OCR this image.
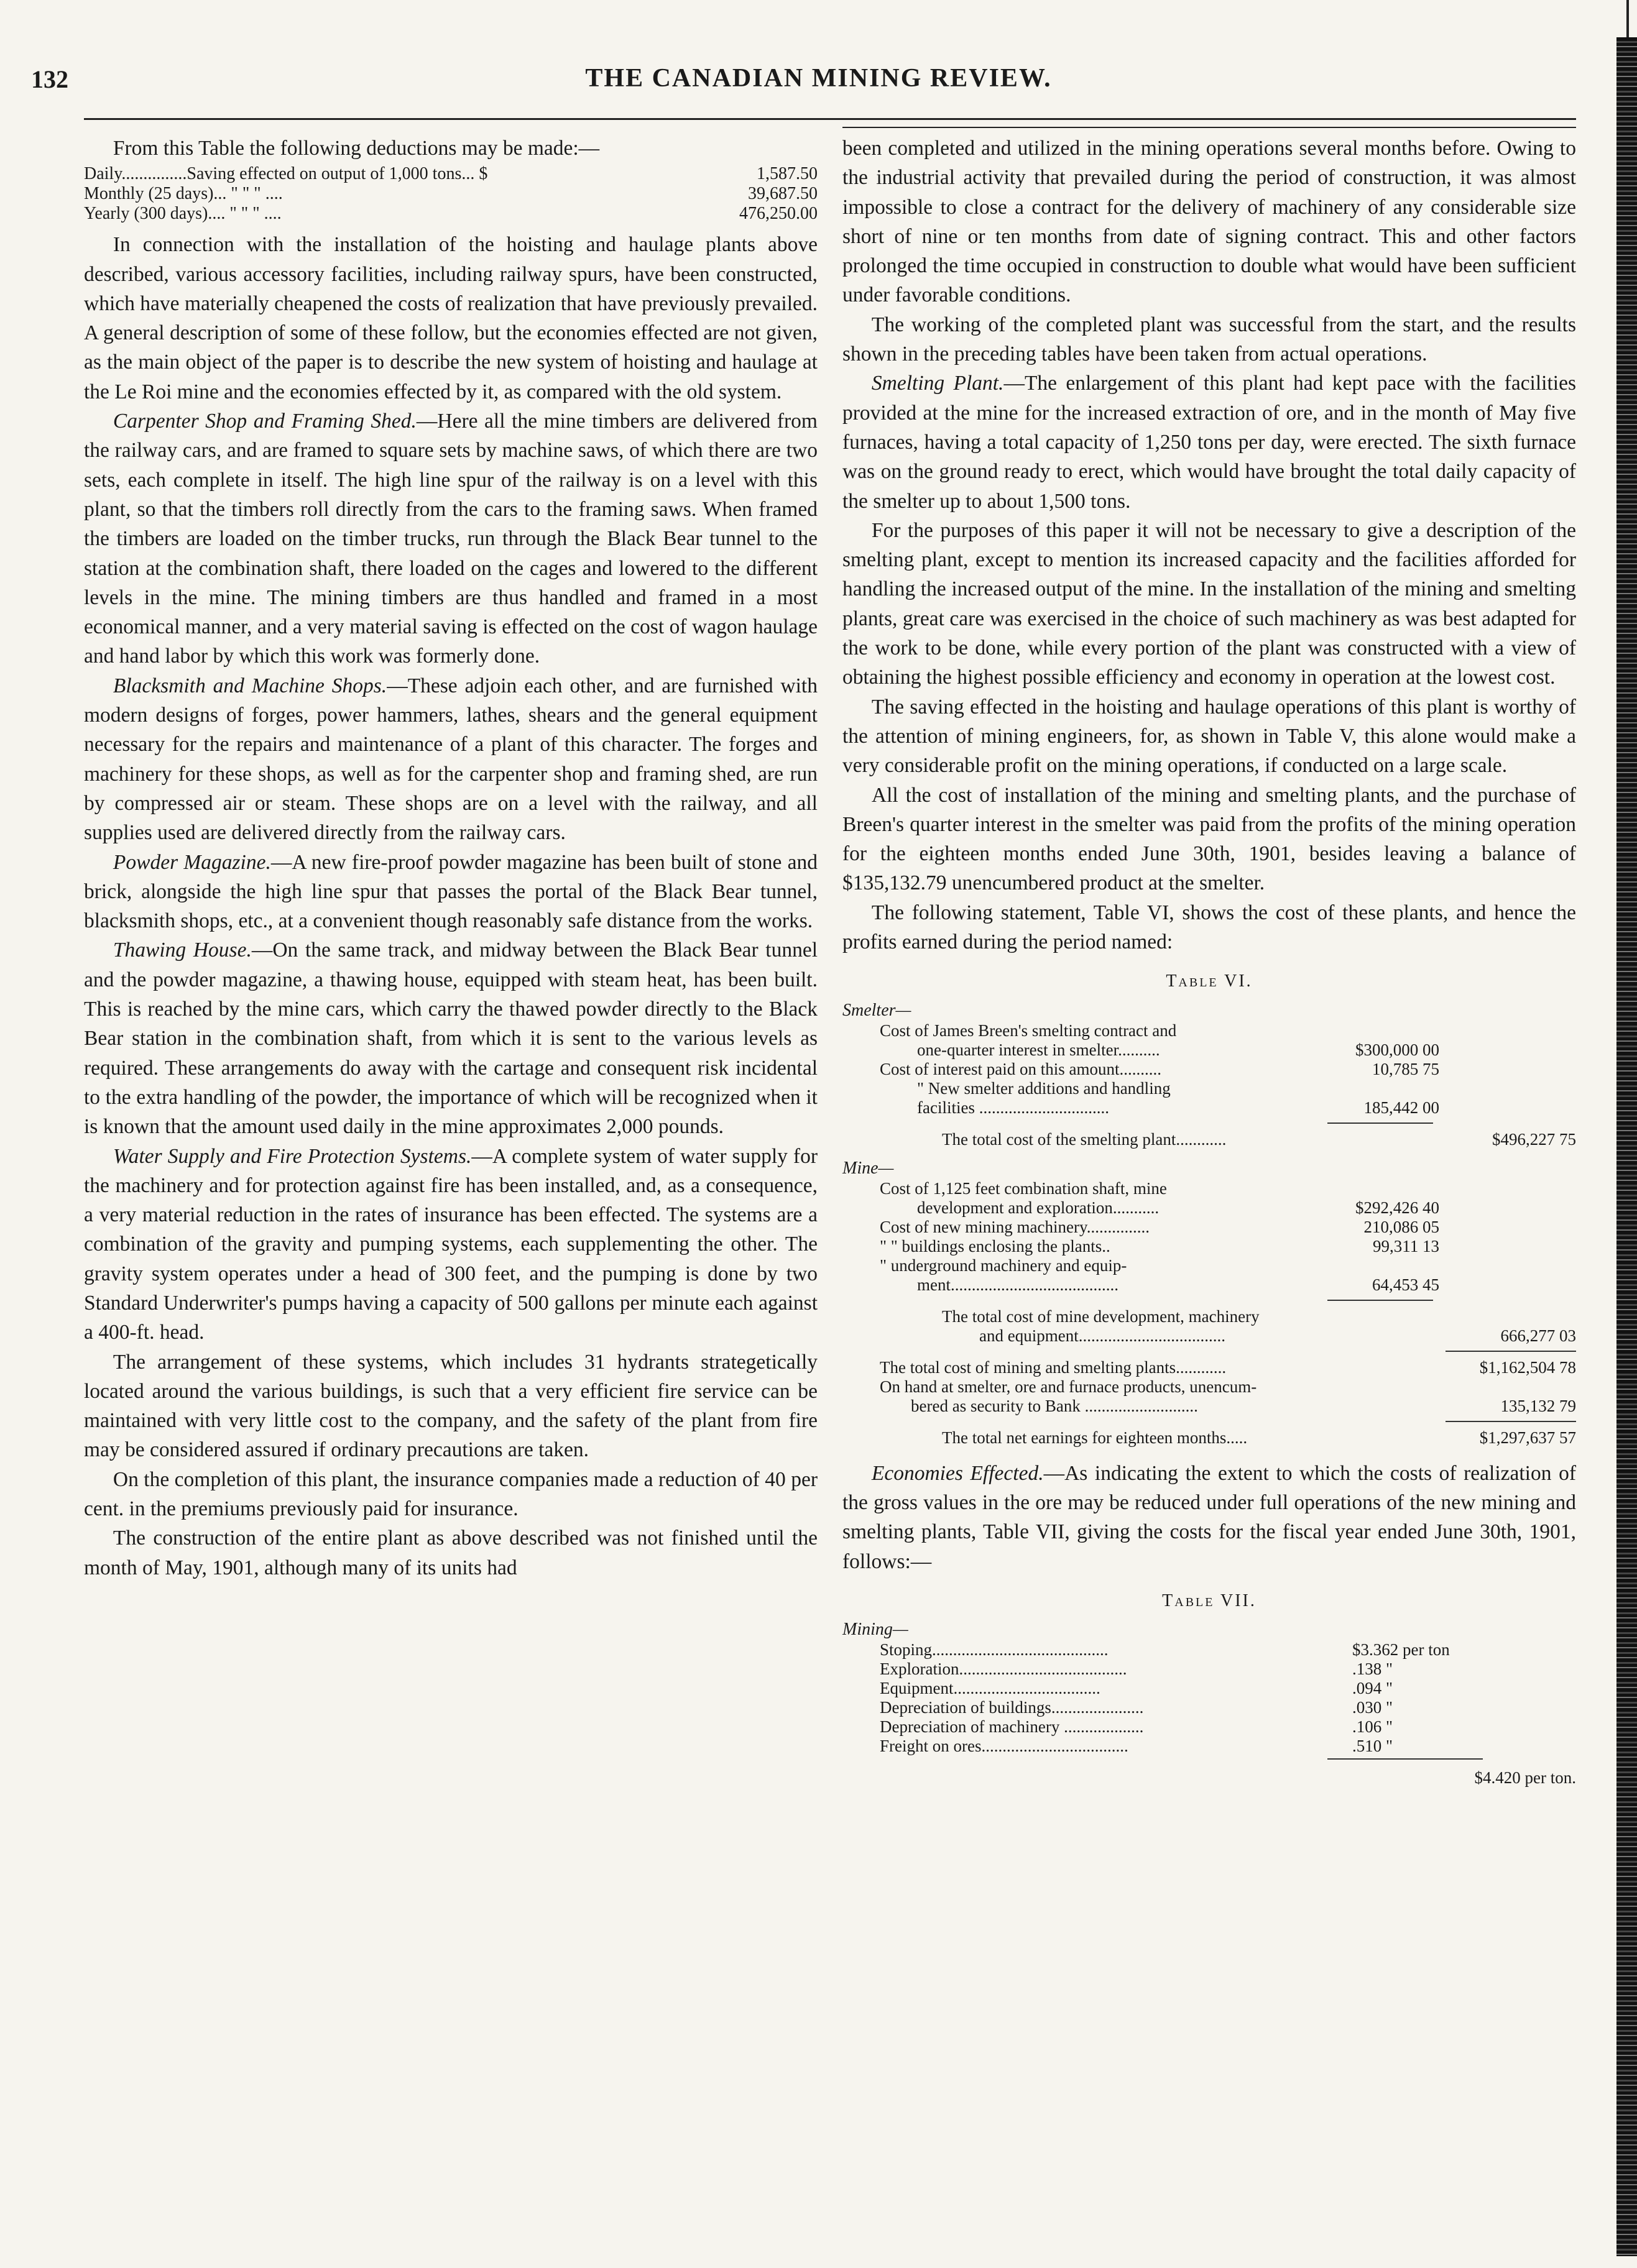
132	THE CANADIAN MINING REVIEW.

From this Table the following deductions may be made:—

Daily...............Saving effected on output of 1,000 tons... $	1,587.50
Monthly (25 days)... " " " ....	39,687.50
Yearly (300 days).... " " " ....	476,250.00

In connection with the installation of the hoisting and haulage plants above described, various accessory facilities, including railway spurs, have been constructed, which have materially cheapened the costs of realization that have previously prevailed. A general description of some of these follow, but the economies effected are not given, as the main object of the paper is to describe the new system of hoisting and haulage at the Le Roi mine and the economies effected by it, as compared with the old system.

Carpenter Shop and Framing Shed.—Here all the mine timbers are delivered from the railway cars, and are framed to square sets by machine saws, of which there are two sets, each complete in itself. The high line spur of the railway is on a level with this plant, so that the timbers roll directly from the cars to the framing saws. When framed the timbers are loaded on the timber trucks, run through the Black Bear tunnel to the station at the combination shaft, there loaded on the cages and lowered to the different levels in the mine. The mining timbers are thus handled and framed in a most economical manner, and a very material saving is effected on the cost of wagon haulage and hand labor by which this work was formerly done.

Blacksmith and Machine Shops.—These adjoin each other, and are furnished with modern designs of forges, power hammers, lathes, shears and the general equipment necessary for the repairs and maintenance of a plant of this character. The forges and machinery for these shops, as well as for the carpenter shop and framing shed, are run by compressed air or steam. These shops are on a level with the railway, and all supplies used are delivered directly from the railway cars.

Powder Magazine.—A new fire-proof powder magazine has been built of stone and brick, alongside the high line spur that passes the portal of the Black Bear tunnel, blacksmith shops, etc., at a convenient though reasonably safe distance from the works.

Thawing House.—On the same track, and midway between the Black Bear tunnel and the powder magazine, a thawing house, equipped with steam heat, has been built. This is reached by the mine cars, which carry the thawed powder directly to the Black Bear station in the combination shaft, from which it is sent to the various levels as required. These arrangements do away with the cartage and consequent risk incidental to the extra handling of the powder, the importance of which will be recognized when it is known that the amount used daily in the mine approximates 2,000 pounds.

Water Supply and Fire Protection Systems.—A complete system of water supply for the machinery and for protection against fire has been installed, and, as a consequence, a very material reduction in the rates of insurance has been effected. The systems are a combination of the gravity and pumping systems, each supplementing the other. The gravity system operates under a head of 300 feet, and the pumping is done by two Standard Underwriter's pumps having a capacity of 500 gallons per minute each against a 400-ft. head.

The arrangement of these systems, which includes 31 hydrants strategetically located around the various buildings, is such that a very efficient fire service can be maintained with very little cost to the company, and the safety of the plant from fire may be considered assured if ordinary precautions are taken.

On the completion of this plant, the insurance companies made a reduction of 40 per cent. in the premiums previously paid for insurance.

The construction of the entire plant as above described was not finished until the month of May, 1901, although many of its units had

been completed and utilized in the mining operations several months before. Owing to the industrial activity that prevailed during the period of construction, it was almost impossible to close a contract for the delivery of machinery of any considerable size short of nine or ten months from date of signing contract. This and other factors prolonged the time occupied in construction to double what would have been sufficient under favorable conditions.

The working of the completed plant was successful from the start, and the results shown in the preceding tables have been taken from actual operations.

Smelting Plant.—The enlargement of this plant had kept pace with the facilities provided at the mine for the increased extraction of ore, and in the month of May five furnaces, having a total capacity of 1,250 tons per day, were erected. The sixth furnace was on the ground ready to erect, which would have brought the total daily capacity of the smelter up to about 1,500 tons.

For the purposes of this paper it will not be necessary to give a description of the smelting plant, except to mention its increased capacity and the facilities afforded for handling the increased output of the mine. In the installation of the mining and smelting plants, great care was exercised in the choice of such machinery as was best adapted for the work to be done, while every portion of the plant was constructed with a view of obtaining the highest possible efficiency and economy in operation at the lowest cost.

The saving effected in the hoisting and haulage operations of this plant is worthy of the attention of mining engineers, for, as shown in Table V, this alone would make a very considerable profit on the mining operations, if conducted on a large scale.

All the cost of installation of the mining and smelting plants, and the purchase of Breen's quarter interest in the smelter was paid from the profits of the mining operation for the eighteen months ended June 30th, 1901, besides leaving a balance of $135,132.79 unencumbered product at the smelter.

The following statement, Table VI, shows the cost of these plants, and hence the profits earned during the period named:

Table VI.
Smelter—
Cost of James Breen's smelting contract and
one-quarter interest in smelter..........	$300,000 00
Cost of interest paid on this amount..........	10,785 75
" New smelter additions and handling
facilities ...............................	185,442 00
The total cost of the smelting plant............	$496,227 75
Mine—
Cost of 1,125 feet combination shaft, mine
development and exploration...........	$292,426 40
Cost of new mining machinery...............	210,086 05
" " buildings enclosing the plants..	99,311 13
" underground machinery and equip-
ment........................................	64,453 45
The total cost of mine development, machinery
and equipment...................................	666,277 03
The total cost of mining and smelting plants............	$1,162,504 78
On hand at smelter, ore and furnace products, unencum-
bered as security to Bank ...........................	135,132 79
The total net earnings for eighteen months.....	$1,297,637 57

Economies Effected.—As indicating the extent to which the costs of realization of the gross values in the ore may be reduced under full operations of the new mining and smelting plants, Table VII, giving the costs for the fiscal year ended June 30th, 1901, follows:—

Table VII.
Mining—
Stoping..........................................	$3.362 per ton
Exploration........................................	.138 "
Equipment...................................	.094 "
Depreciation of buildings......................	.030 "
Depreciation of machinery ...................	.106 "
Freight on ores...................................	.510 "
$4.420 per ton.
